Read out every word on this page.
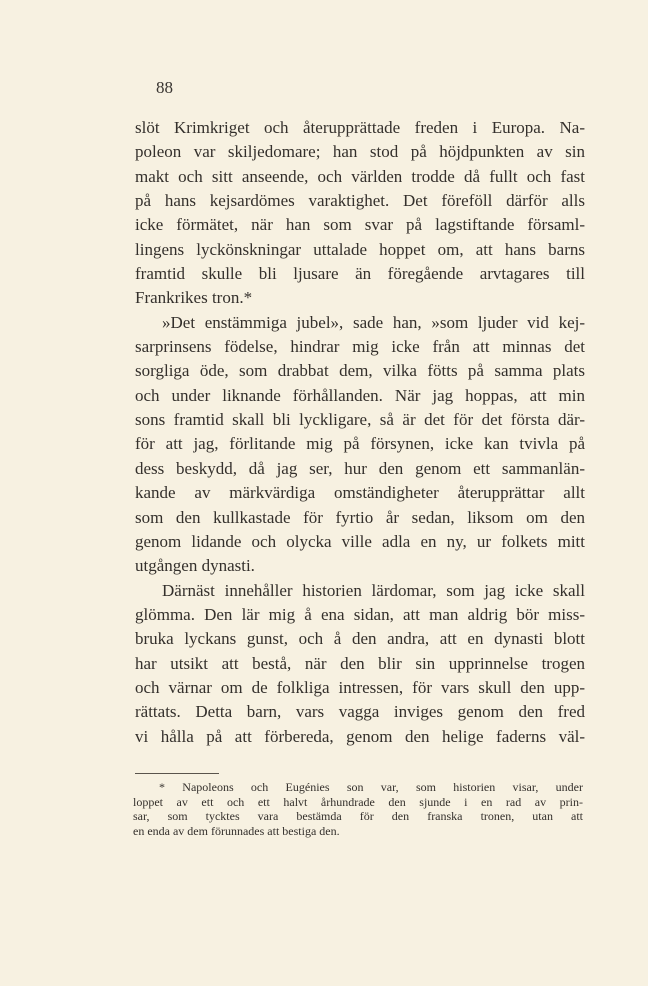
88
slöt Krimkriget och återupprättade freden i Europa. Na-
poleon var skiljedomare; han stod på höjdpunkten av sin
makt och sitt anseende, och världen trodde då fullt och fast
på hans kejsardömes varaktighet. Det föreföll därför alls
icke förmätet, när han som svar på lagstiftande församl-
lingens lyckönskningar uttalade hoppet om, att hans barns
framtid skulle bli ljusare än föregående arvtagares till
Frankrikes tron.*
»Det enstämmiga jubel», sade han, »som ljuder vid kej-
sarprinsens födelse, hindrar mig icke från att minnas det
sorgliga öde, som drabbat dem, vilka fötts på samma plats
och under liknande förhållanden. När jag hoppas, att min
sons framtid skall bli lyckligare, så är det för det första där-
för att jag, förlitande mig på försynen, icke kan tvivla på
dess beskydd, då jag ser, hur den genom ett sammanlän-
kande av märkvärdiga omständigheter återupprättar allt
som den kullkastade för fyrtio år sedan, liksom om den
genom lidande och olycka ville adla en ny, ur folkets mitt
utgången dynasti.
Därnäst innehåller historien lärdomar, som jag icke skall
glömma. Den lär mig å ena sidan, att man aldrig bör miss-
bruka lyckans gunst, och å den andra, att en dynasti blott
har utsikt att bestå, när den blir sin upprinnelse trogen
och värnar om de folkliga intressen, för vars skull den upp-
rättats. Detta barn, vars vagga inviges genom den fred
vi hålla på att förbereda, genom den helige faderns väl-
* Napoleons och Eugénies son var, som historien visar, under
loppet av ett och ett halvt århundrade den sjunde i en rad av prin-
sar, som tycktes vara bestämda för den franska tronen, utan att
en enda av dem förunnades att bestiga den.
